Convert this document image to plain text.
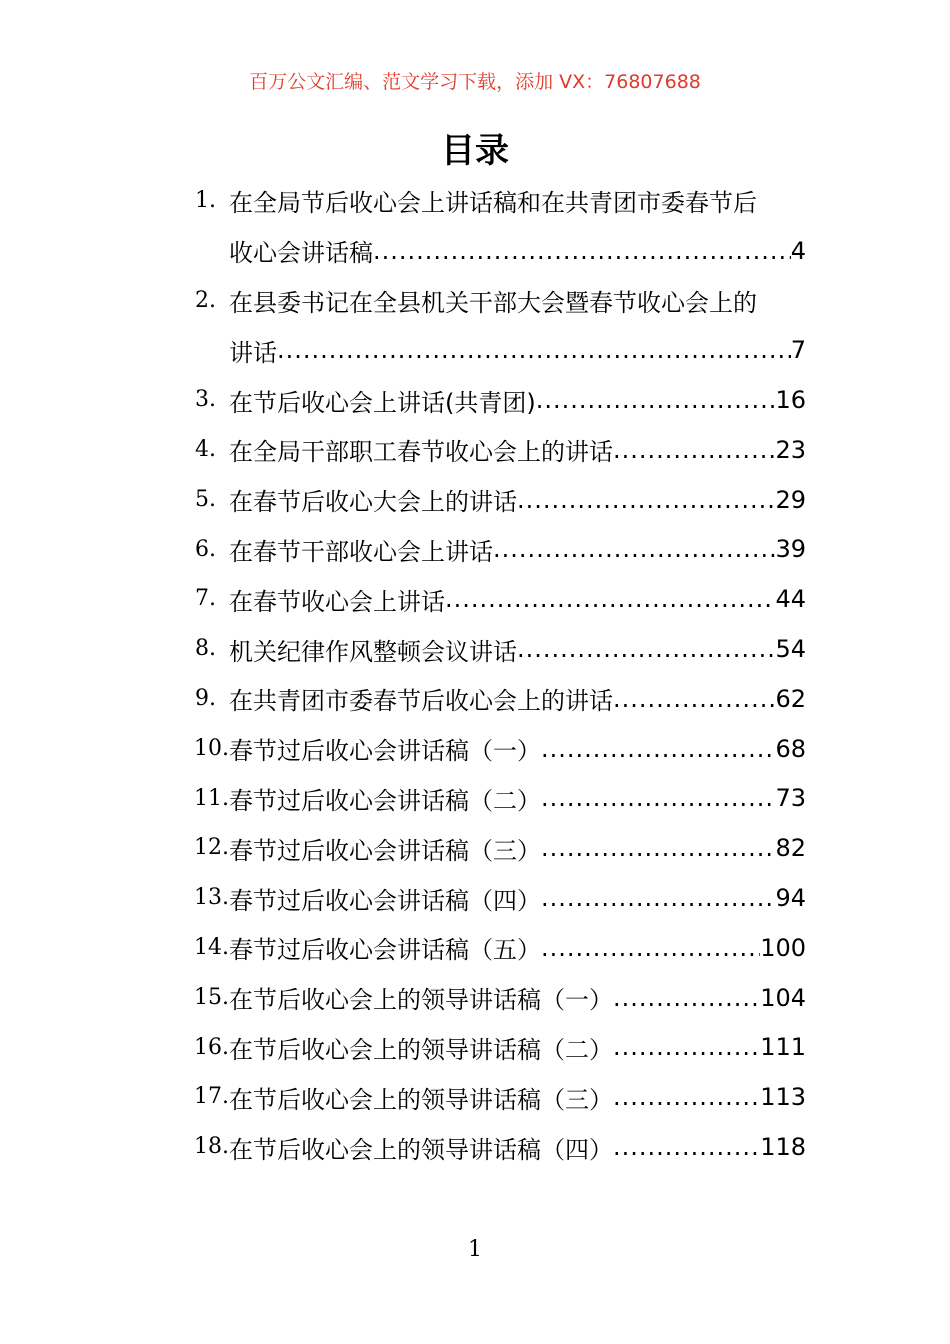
百万公文汇编、范文学习下载，添加 VX：76807688
目录
1. 在全局节后收心会上讲话稿和在共青团市委春节后
收心会讲话稿 .....	4
2. 在县委书记在全县机关干部大会暨春节收心会上的
讲话 .....	7
3. 在节后收心会上讲话(共青团) .....	16
4. 在全局干部职工春节收心会上的讲话 .....	23
5. 在春节后收心大会上的讲话 .....	29
6. 在春节干部收心会上讲话 .....	39
7. 在春节收心会上讲话 .....	44
8. 机关纪律作风整顿会议讲话 .....	54
9. 在共青团市委春节后收心会上的讲话 .....	62
10. 春节过后收心会讲话稿（一） .....	68
11. 春节过后收心会讲话稿（二） .....	73
12. 春节过后收心会讲话稿（三） .....	82
13. 春节过后收心会讲话稿（四） .....	94
14. 春节过后收心会讲话稿（五） .....	100
15. 在节后收心会上的领导讲话稿（一） .....	104
16. 在节后收心会上的领导讲话稿（二） .....	111
17. 在节后收心会上的领导讲话稿（三） .....	113
18. 在节后收心会上的领导讲话稿（四） .....	118
1
